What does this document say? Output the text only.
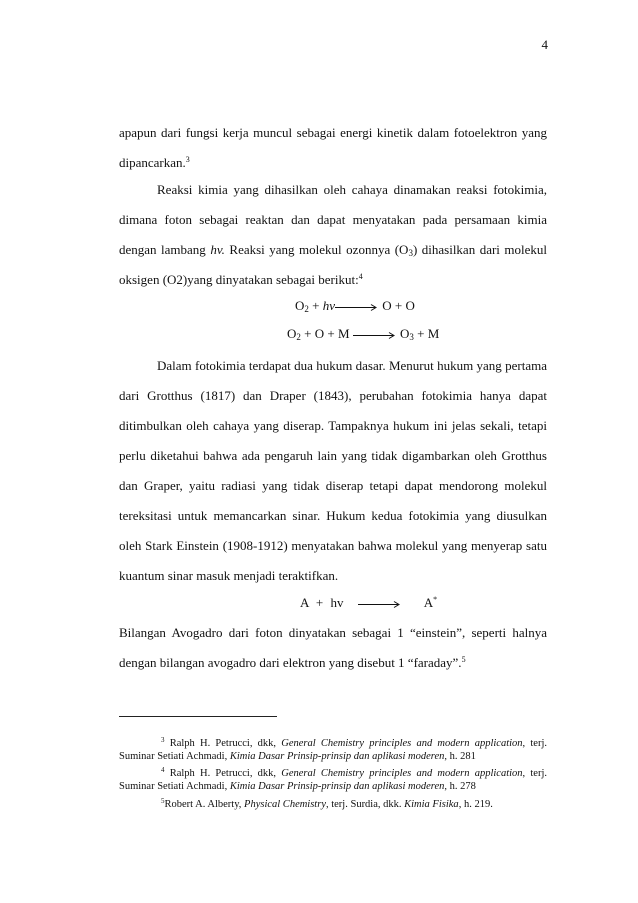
4
apapun dari fungsi kerja muncul sebagai energi kinetik dalam fotoelektron yang
dipancarkan.$^3$
Reaksi kimia yang dihasilkan oleh cahaya dinamakan reaksi fotokimia,
dimana foton sebagai reaktan dan dapat menyatakan pada persamaan kimia
dengan lambang hv. Reaksi yang molekul ozonnya $(O_3)$ dihasilkan dari molekul
oksigen (O2)yang dinyatakan sebagai berikut:$^4$
$O_2 + hv\to O + O$
$O_2 + O + M \to O_3 + M$
Dalam fotokimia terdapat dua hukum dasar. Menurut hukum yang pertama
dari Grotthus (1817) dan Draper (1843), perubahan fotokimia hanya dapat
ditimbulkan oleh cahaya yang diserap. Tampaknya hukum ini jelas sekali, tetapi
perlu diketahui bahwa ada pengaruh lain yang tidak digambarkan oleh Grotthus
dan Graper, yaitu radiasi yang tidak diserap tetapi dapat mendorong molekul
tereksitasi untuk memancarkan sinar. Hukum kedua fotokimia yang diusulkan
oleh Stark Einstein (1908-1912) menyatakan bahwa molekul yang menyerap satu
kuantum sinar masuk menjadi teraktifkan.
A + hv → A*
Bilangan Avogadro dari foton dinyatakan sebagai 1 “einstein”, seperti halnya
dengan bilangan avogadro dari elektron yang disebut 1 “faraday”.$^5$
$^3$ Ralph H. Petrucci, dkk, General Chemistry principles and modern application, terj.
Suminar Setiati Achmadi, Kimia Dasar Prinsip-prinsip dan aplikasi moderen, h. 281
$^4$ Ralph H. Petrucci, dkk, General Chemistry principles and modern application, terj.
Suminar Setiati Achmadi, Kimia Dasar Prinsip-prinsip dan aplikasi moderen, h. 278
$^5$Robert A. Alberty, Physical Chemistry, terj. Surdia, dkk. Kimia Fisika, h. 219.
